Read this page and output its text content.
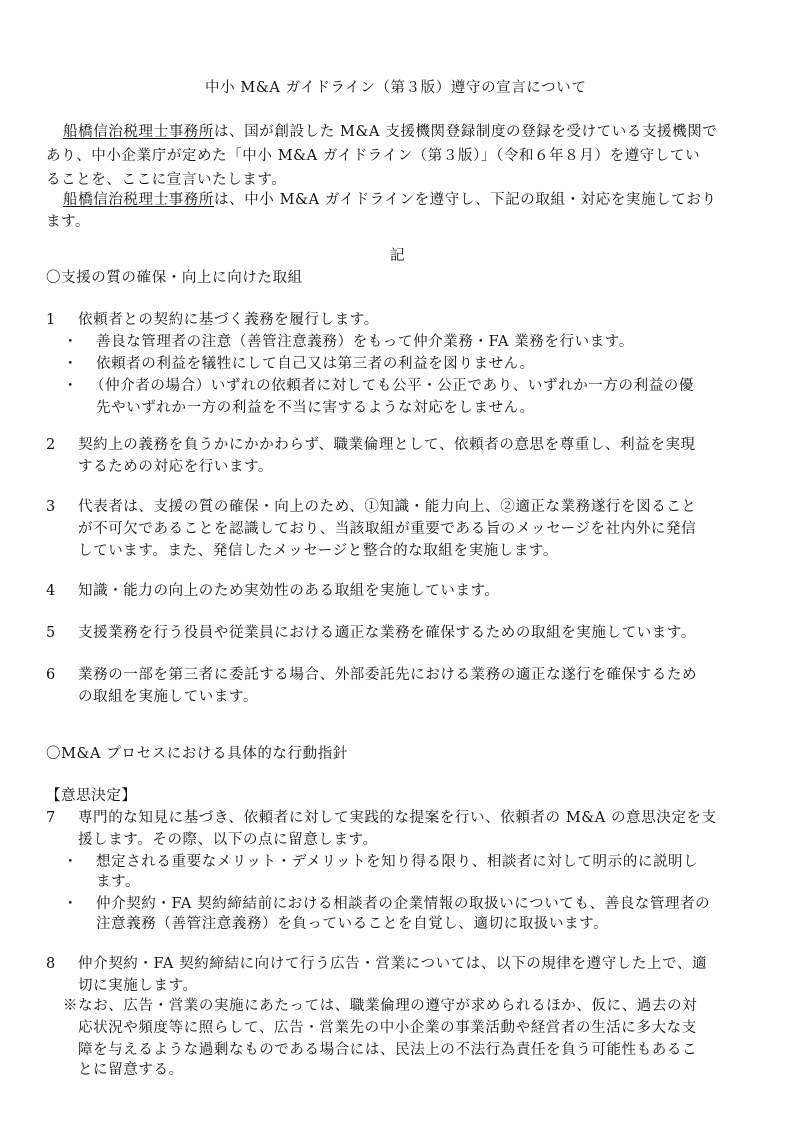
中小 M&A ガイドライン（第３版）遵守の宣言について
船橋信治税理士事務所は、国が創設した M&A 支援機関登録制度の登録を受けている支援機関で
あり、中小企業庁が定めた「中小 M&A ガイドライン（第３版）」（令和６年８月）を遵守してい
ることを、ここに宣言いたします。
船橋信治税理士事務所は、中小 M&A ガイドラインを遵守し、下記の取組・対応を実施しており
ます。
記
〇支援の質の確保・向上に向けた取組
1 依頼者との契約に基づく義務を履行します。
・ 善良な管理者の注意（善管注意義務）をもって仲介業務・FA 業務を行います。
・ 依頼者の利益を犠牲にして自己又は第三者の利益を図りません。
・ （仲介者の場合）いずれの依頼者に対しても公平・公正であり、いずれか一方の利益の優
先やいずれか一方の利益を不当に害するような対応をしません。
2 契約上の義務を負うかにかかわらず、職業倫理として、依頼者の意思を尊重し、利益を実現
するための対応を行います。
3 代表者は、支援の質の確保・向上のため、①知識・能力向上、②適正な業務遂行を図ること
が不可欠であることを認識しており、当該取組が重要である旨のメッセージを社内外に発信
しています。また、発信したメッセージと整合的な取組を実施します。
4 知識・能力の向上のため実効性のある取組を実施しています。
5 支援業務を行う役員や従業員における適正な業務を確保するための取組を実施しています。
6 業務の一部を第三者に委託する場合、外部委託先における業務の適正な遂行を確保するため
の取組を実施しています。
〇M&A プロセスにおける具体的な行動指針
【意思決定】
7 専門的な知見に基づき、依頼者に対して実践的な提案を行い、依頼者の M&A の意思決定を支
援します。その際、以下の点に留意します。
・ 想定される重要なメリット・デメリットを知り得る限り、相談者に対して明示的に説明し
ます。
・ 仲介契約・FA 契約締結前における相談者の企業情報の取扱いについても、善良な管理者の
注意義務（善管注意義務）を負っていることを自覚し、適切に取扱います。
8 仲介契約・FA 契約締結に向けて行う広告・営業については、以下の規律を遵守した上で、適
切に実施します。
※なお、広告・営業の実施にあたっては、職業倫理の遵守が求められるほか、仮に、過去の対
応状況や頻度等に照らして、広告・営業先の中小企業の事業活動や経営者の生活に多大な支
障を与えるような過剰なものである場合には、民法上の不法行為責任を負う可能性もあるこ
とに留意する。
